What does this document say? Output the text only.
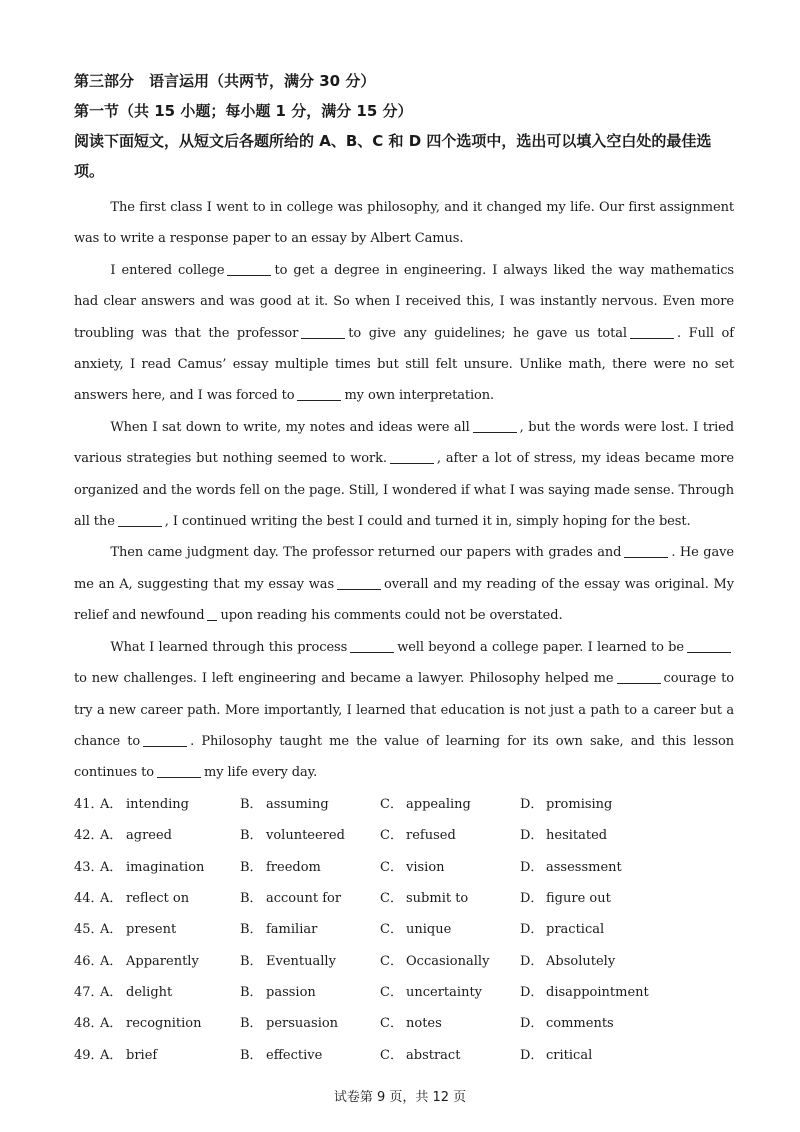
第三部分　语言运用（共两节，满分 30 分）

第一节（共 15 小题；每小题 1 分，满分 15 分）

阅读下面短文，从短文后各题所给的 A、B、C 和 D 四个选项中，选出可以填入空白处的最佳选项。

The first class I went to in college was philosophy, and it changed my life. Our first assignment was to write a response paper to an essay by Albert Camus.

I entered college	to get a degree in engineering. I always liked the way mathematics had clear answers and was good at it. So when I received this, I was instantly nervous. Even more troubling was that the professor	to give any guidelines; he gave us total	. Full of anxiety, I read Camus’ essay multiple times but still felt unsure. Unlike math, there were no set answers here, and I was forced to	my own interpretation.

When I sat down to write, my notes and ideas were all	, but the words were lost. I tried various strategies but nothing seemed to work.	, after a lot of stress, my ideas became more organized and the words fell on the page. Still, I wondered if what I was saying made sense. Through all the	, I continued writing the best I could and turned it in, simply hoping for the best.

Then came judgment day. The professor returned our papers with grades and	. He gave me an A, suggesting that my essay was	overall and my reading of the essay was original. My relief and newfound upon reading his comments could not be overstated.

What I learned through this process	well beyond a college paper. I learned to beto new challenges. I left engineering and became a lawyer. Philosophy helped me	courage to try a new career path. More importantly, I learned that education is not just a path to a career but a chance to	. Philosophy taught me the value of learning for its own sake, and this lesson continues to	my life every day.

41．
A． intending	B． assuming	C． appealing	D． promising
42．
A． agreed	B． volunteered	C． refused	D． hesitated
43．
A． imagination	B． freedom	C． vision	D． assessment
44．
A． reflect on	B． account for	C． submit to	D． figure out
45．
A． present	B． familiar	C． unique	D． practical
46．
A． Apparently	B． Eventually	C． Occasionally D． Absolutely
47．
A． delight	B． passion	C． uncertainty	D． disappointment
48．
A． recognition	B． persuasion	C． notes	D． comments
49．
A． brief	B． effective	C． abstract	D． critical
试卷第 9 页，共 12 页
